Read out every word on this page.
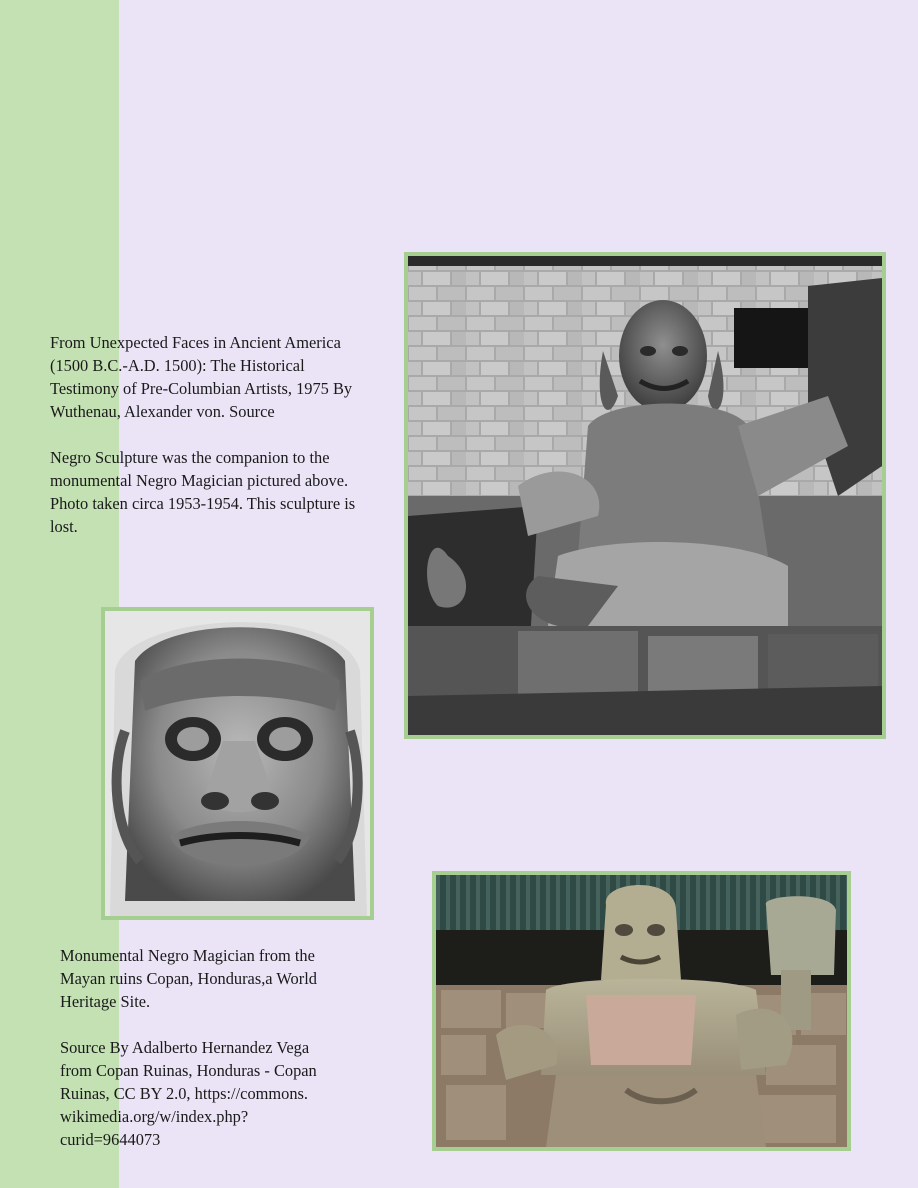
From Unexpected Faces in Ancient America
(1500 B.C.-A.D. 1500): The Historical
Testimony of Pre-Columbian Artists, 1975 By
Wuthenau, Alexander von. Source

Negro Sculpture was the companion to the
monumental Negro Magician pictured above.
Photo taken circa 1953-1954. This sculpture is
lost.

Monumental Negro Magician from the
Mayan ruins Copan, Honduras,a World
Heritage Site.

Source By Adalberto Hernandez Vega
from Copan Ruinas, Honduras - Copan
Ruinas, CC BY 2.0, https://commons.
wikimedia.org/w/index.php?
curid=9644073
